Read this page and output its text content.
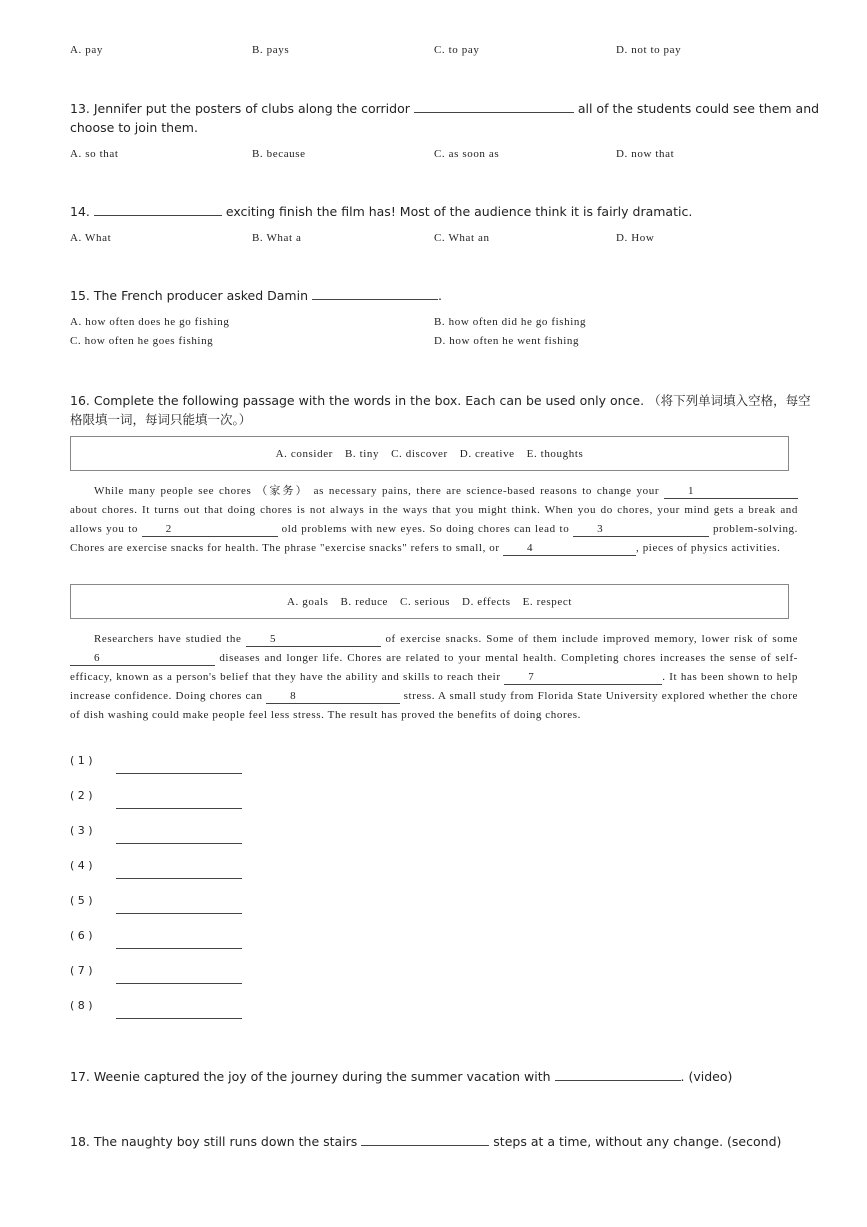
A. pay	B. pays	C. to pay	D. not to pay
13. Jennifer put the posters of clubs along the corridor	all of the students could see them and
choose to join them.
A. so that	B. because	C. as soon as	D. now that
14.	exciting finish the film has! Most of the audience think it is fairly dramatic.
A. What	B. What a	C. What an	D. How
15. The French producer asked Damin	.
A. how often does he go fishing	B. how often did he go fishing
C. how often he goes fishing	D. how often he went fishing
16. Complete the following passage with the words in the box. Each can be used only once. （将下列单词填入空格，每空
格限填一词，每词只能填一次。）
A. consider B. tiny C. discover D. creative E. thoughts
While many people see chores （家务） as necessary pains, there are science-based reasons to change your	1 about chores. It turns out that doing chores is not always in the ways that you might think. When you do chores, your mind gets a break and allows you to	2	old problems with new eyes. So doing chores can lead to	3	problem-solving. Chores are exercise snacks for health. The phrase "exercise snacks" refers to small, or 4	, pieces of physics activities.
A. goals B. reduce C. serious D. effects E. respect
Researchers have studied the	5	of exercise snacks. Some of them include improved memory, lower risk of some 6	diseases and longer life. Chores are related to your mental health. Completing chores increases the sense of self-efficacy, known as a person's belief that they have the ability and skills to reach their	7	. It has been shown to help increase confidence. Doing chores can	8	stress. A small study from Florida State University explored whether the chore of dish washing could make people feel less stress. The result has proved the benefits of doing chores.
( 1 )
( 2 )
( 3 )
( 4 )
( 5 )
( 6 )
( 7 )
( 8 )
17. Weenie captured the joy of the journey during the summer vacation with	. (video)
18. The naughty boy still runs down the stairs	steps at a time, without any change. (second)
